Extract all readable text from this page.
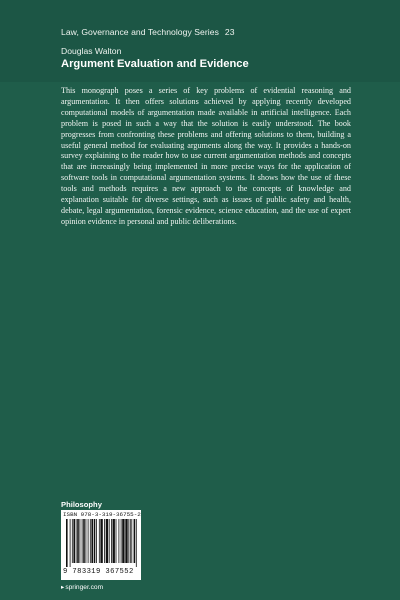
Law, Governance and Technology Series 23
Douglas Walton
Argument Evaluation and Evidence

This monograph poses a series of key problems of evidential reasoning and argumentation. It then offers solutions achieved by applying recently developed computational models of argumentation made available in artificial intelligence. Each problem is posed in such a way that the solution is easily understood. The book progresses from confronting these problems and offering solutions to them, building a useful general method for evaluating arguments along the way. It provides a hands-on survey explaining to the reader how to use current argumentation methods and concepts that are increasingly being implemented in more precise ways for the application of software tools in computational argumentation systems. It shows how the use of these tools and methods requires a new approach to the concepts of knowledge and explanation suitable for diverse settings, such as issues of public safety and health, debate, legal argumentation, forensic evidence, science education, and the use of expert opinion evidence in personal and public deliberations.

Philosophy
ISBN 978-3-319-36755-2
9 783319 367552
▸springer.com
